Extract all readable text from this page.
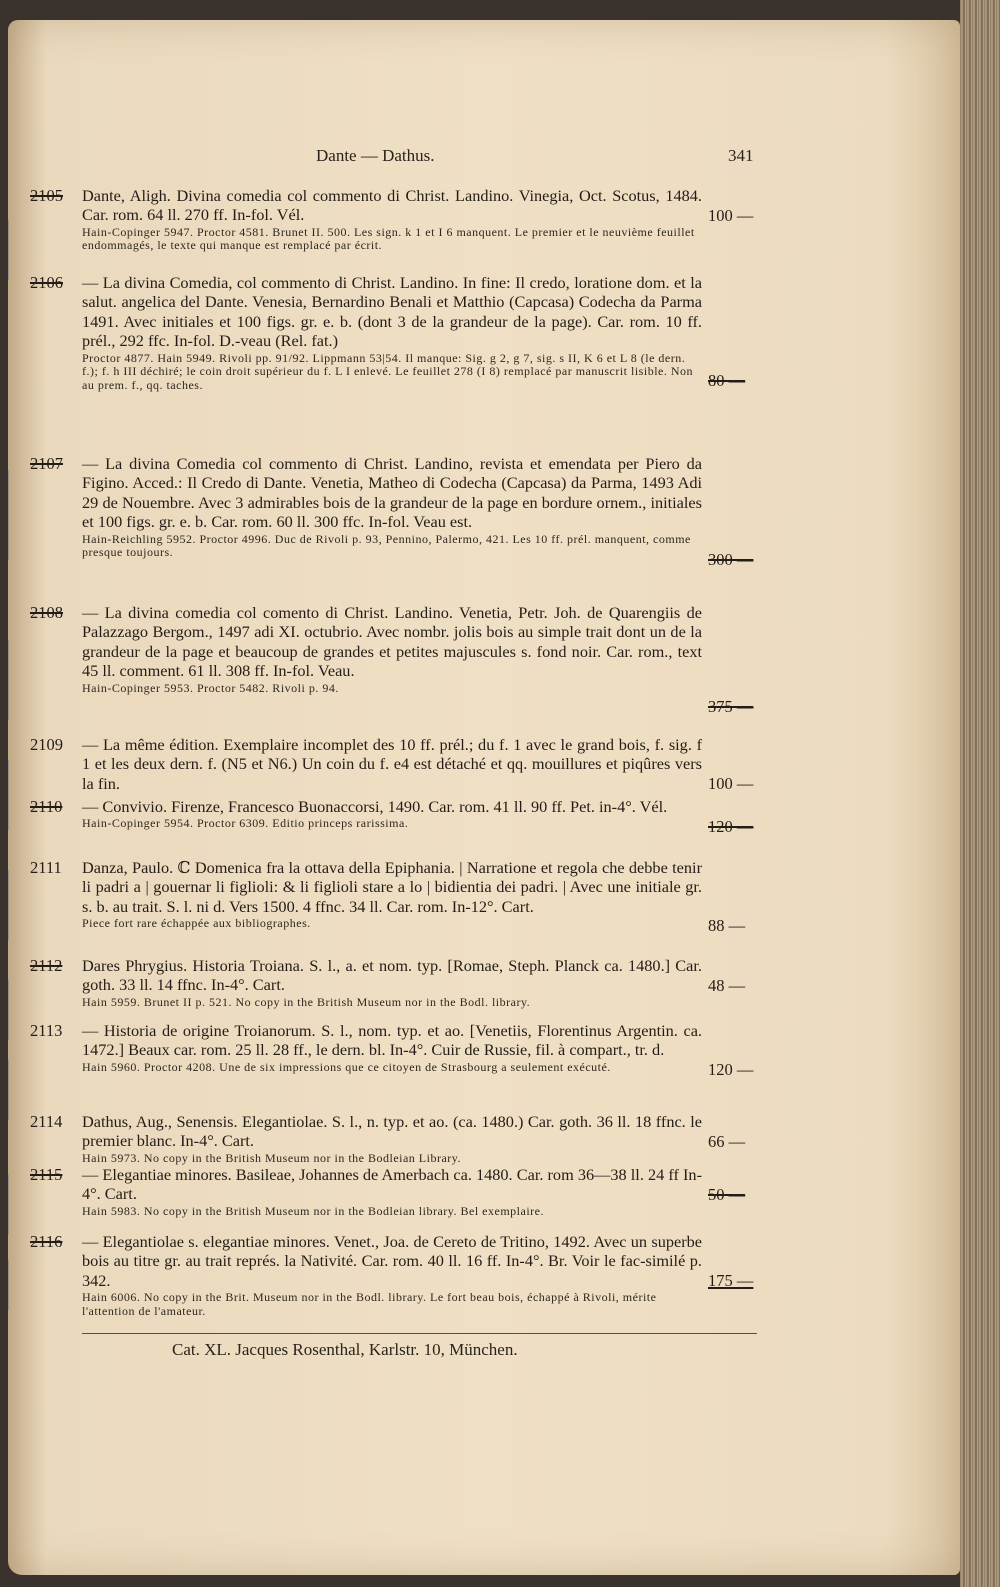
Dante — Dathus.	341
2105 Dante, Aligh. Divina comedia col commento di Christ. Landino. Vinegia, Oct. Scotus, 1484. Car. rom. 64 ll. 270 ff. In-fol. Vél.
Hain-Copinger 5947. Proctor 4581. Brunet II. 500. Les sign. k 1 et I 6 manquent. Le premier et le neuvième feuillet endommagés, le texte qui manque est remplacé par écrit.
100 —
2106 — La divina Comedia, col commento di Christ. Landino. In fine: Il credo, loratione dom. et la salut. angelica del Dante. Venesia, Bernardino Benali et Matthio (Capcasa) Codecha da Parma 1491. Avec initiales et 100 figs. gr. e. b. (dont 3 de la grandeur de la page). Car. rom. 10 ff. prél., 292 ffc. In-fol. D.-veau (Rel. fat.)
Proctor 4877. Hain 5949. Rivoli pp. 91/92. Lippmann 53|54. Il manque: Sig. g 2, g 7, sig. s II, K 6 et L 8 (le dern. f.); f. h III déchiré; le coin droit supérieur du f. L I enlevé. Le feuillet 278 (I 8) remplacé par manuscrit lisible. Non au prem. f., qq. taches.	80 —
2107 — La divina Comedia col commento di Christ. Landino, revista et emendata per Piero da Figino. Acced.: Il Credo di Dante. Venetia, Matheo di Codecha (Capcasa) da Parma, 1493 Adi 29 de Nouembre. Avec 3 admirables bois de la grandeur de la page en bordure ornem., initiales et 100 figs. gr. e. b. Car. rom. 60 ll. 300 ffc. In-fol. Veau est.
Hain-Reichling 5952. Proctor 4996. Duc de Rivoli p. 93, Pennino, Palermo, 421. Les 10 ff. prél. manquent, comme presque toujours.	300 —
2108 — La divina comedia col comento di Christ. Landino. Venetia, Petr. Joh. de Quarengiis de Palazzago Bergom., 1497 adi XI. octubrio. Avec nombr. jolis bois au simple trait dont un de la grandeur de la page et beaucoup de grandes et petites majuscules s. fond noir. Car. rom., text 45 ll. comment. 61 ll. 308 ff. In-fol. Veau.
Hain-Copinger 5953. Proctor 5482. Rivoli p. 94.
375 —
2109 — La même édition. Exemplaire incomplet des 10 ff. prél.; du f. 1 avec le grand bois, f. sig. f 1 et les deux dern. f. (N5 et N6.) Un coin du f. e4 est détaché et qq. mouillures et piqûres vers la fin.	100 —
2110 — Convivio. Firenze, Francesco Buonaccorsi, 1490. Car. rom. 41 ll. 90 ff. Pet. in-4°. Vél.
Hain-Copinger 5954. Proctor 6309. Editio princeps rarissima.	120 —
2111 Danza, Paulo. ℂ Domenica fra la ottava della Epiphania. | Narratione et regola che debbe tenir li padri a | gouernar li figlioli: & li figlioli stare a lo | bidientia dei padri. | Avec une initiale gr. s. b. au trait. S. l. ni d. Vers 1500. 4 ffnc. 34 ll. Car. rom. In-12°. Cart.
Piece fort rare échappée aux bibliographes.	88 —
2112 Dares Phrygius. Historia Troiana. S. l., a. et nom. typ. [Romae, Steph. Planck ca. 1480.] Car. goth. 33 ll. 14 ffnc. In-4°. Cart.
Hain 5959. Brunet II p. 521. No copy in the British Museum nor in the Bodl. library.
48 —
2113 — Historia de origine Troianorum. S. l., nom. typ. et ao. [Venetiis, Florentinus Argentin. ca. 1472.] Beaux car. rom. 25 ll. 28 ff., le dern. bl. In-4°. Cuir de Russie, fil. à compart., tr. d.
Hain 5960. Proctor 4208. Une de six impressions que ce citoyen de Strasbourg a seulement exécuté.	120 —
2114 Dathus, Aug., Senensis. Elegantiolae. S. l., n. typ. et ao. (ca. 1480.) Car. goth. 36 ll. 18 ffnc. le premier blanc. In-4°. Cart.
Hain 5973. No copy in the British Museum nor in the Bodleian Library.
66 —
2115 — Elegantiae minores. Basileae, Johannes de Amerbach ca. 1480. Car. rom 36—38 ll. 24 ff In-4°. Cart.
Hain 5983. No copy in the British Museum nor in the Bodleian library. Bel exemplaire.
50 —
2116 — Elegantiolae s. elegantiae minores. Venet., Joa. de Cereto de Tritino, 1492. Avec un superbe bois au titre gr. au trait représ. la Nativité. Car. rom. 40 ll. 16 ff. In-4°. Br. Voir le fac-similé p. 342.
Hain 6006. No copy in the Brit. Museum nor in the Bodl. library. Le fort beau bois, échappé à Rivoli, mérite l'attention de l'amateur.
175 —
Cat. XL. Jacques Rosenthal, Karlstr. 10, München.
